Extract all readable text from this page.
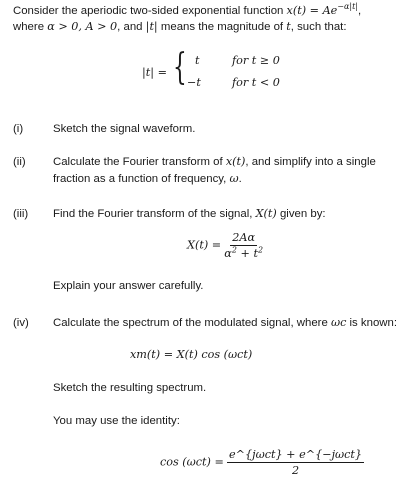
Consider the aperiodic two-sided exponential function $x(t) = Ae^{-\alpha|t|}$,
where α > 0, A > 0, and |t| means the magnitude of t, such that:
|t| = { t	for t ≥ 0
−t	for t < 0
(i)	Sketch the signal waveform.
(ii) Calculate the Fourier transform of x(t), and simplify into a single
fraction as a function of frequency, ω.
(iii) Find the Fourier transform of the signal, X(t) given by:
$X(t) = \frac{2A\alpha}{\alpha^2 + t^2}$
Explain your answer carefully.
(iv) Calculate the spectrum of the modulated signal, where ωc is known:
xm(t) = X(t) cos (ωct)
Sketch the resulting spectrum.
You may use the identity:
$\cos (\omega ct) = \frac{\text{e\textasciicircum{}\{jωct\} + e\textasciicircum{}\{−jωct\}}}{2}$
